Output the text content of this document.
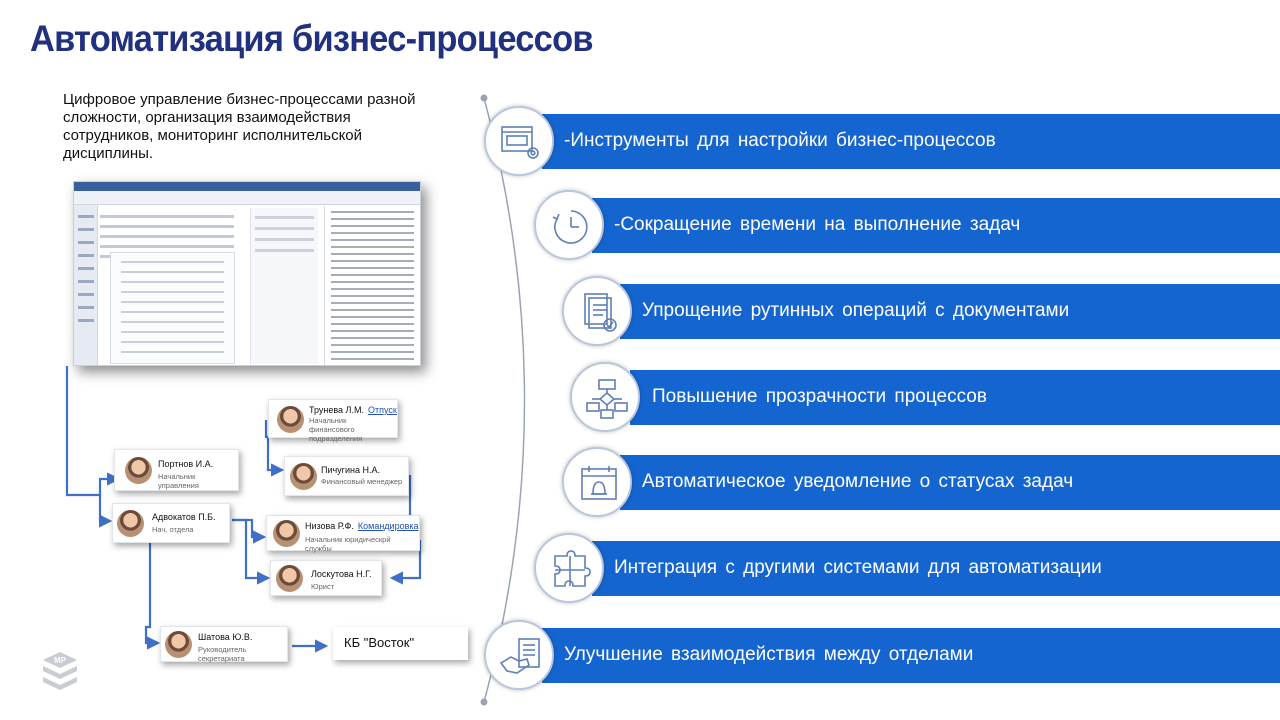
Автоматизация бизнес-процессов
Цифровое управление бизнес-процессами разной сложности, организация взаимодействия сотрудников, мониторинг исполнительской дисциплины.
Трунева Л.М. Отпуск
Начальник финансового подразделения
Портнов И.А.
Начальник управления
Пичугина Н.А.
Финансовый менеджер
Адвокатов П.Б.
Нач. отдела	Низова Р.Ф. Командировка
Начальник юридическрй службы
Лоскутова Н.Г.
Юрист
Шатова Ю.В.
Руководитель секретариата
КБ "Восток"
MP
-Инструменты для настройки бизнес-процессов
-Сокращение времени на выполнение задач
Упрощение рутинных операций с документами
Повышение прозрачности процессов
Автоматическое уведомление о статусах задач
Интеграция с другими системами для автоматизации
Улучшение взаимодействия между отделами
